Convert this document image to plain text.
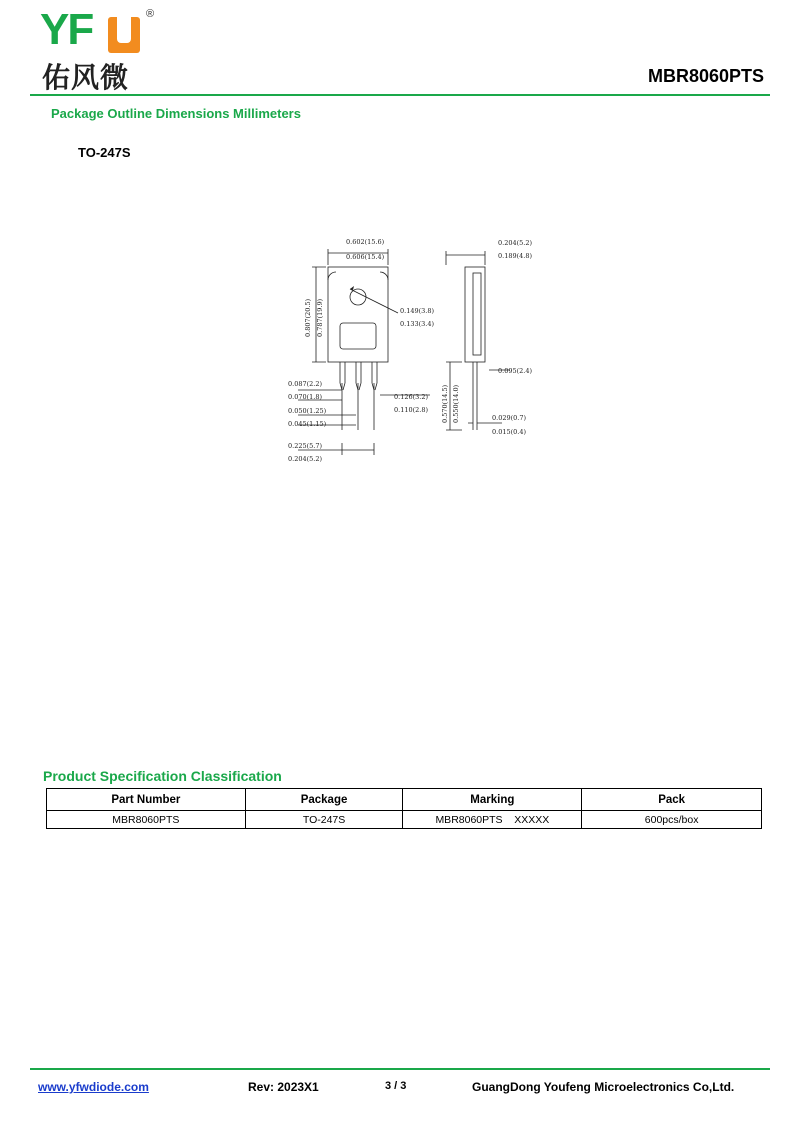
YF	®
佑风微	MBR8060PTS
Package Outline Dimensions Millimeters
TO-247S
0.602(15.6)
0.606(15.4)
0.807(20.5) 0.787(19.9)	0.149(3.8)
0.133(3.4)
0.204(5.2)
0.189(4.8)
0.095(2.4)
0.570(14.5) 0.550(14.0)	0.029(0.7)
0.015(0.4)
0.087(2.2)
0.070(1.8)
0.050(1.25)
0.045(1.15)
0.126(3.2)
0.110(2.8)
0.225(5.7)
0.204(5.2)
Product Specification Classification
Part Number	Package	Marking	Pack
MBR8060PTS	TO-247S	MBR8060PTS    XXXXX	600pcs/box
www.yfwdiode.com	Rev: 2023X1	3 / 3	GuangDong Youfeng Microelectronics Co,Ltd.
